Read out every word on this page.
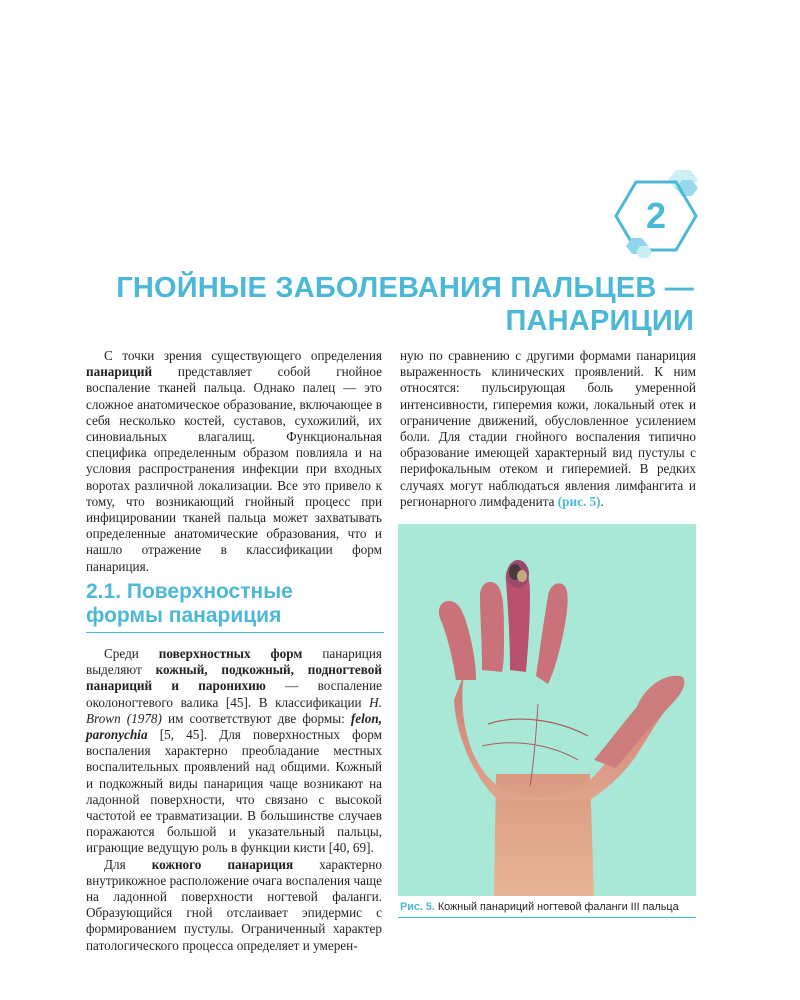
2
ГНОЙНЫЕ ЗАБОЛЕВАНИЯ ПАЛЬЦЕВ —
ПАНАРИЦИИ

С точки зрения существующего определения панариций представляет собой гнойное воспаление тканей пальца. Однако палец — это сложное анатомическое образование, включающее в себя несколько костей, суставов, сухожилий, их синовиальных влагалищ. Функциональная специфика определенным образом повлияла и на условия распространения инфекции при входных воротах различной локализации. Все это привело к тому, что возникающий гнойный процесс при инфицировании тканей пальца может захватывать определенные анатомические образования, что и нашло отражение в классификации форм панариция.

2.1. Поверхностные
формы панариция

Среди поверхностных форм панариция выделяют кожный, подкожный, подногтевой панариций и паронихию — воспаление околоногтевого валика [45]. В классификации H. Brown (1978) им соответствуют две формы: felon, paronychia [5, 45]. Для поверхностных форм воспаления характерно преобладание местных воспалительных проявлений над общими. Кожный и подкожный виды панариция чаще возникают на ладонной поверхности, что связано с высокой частотой ее травматизации. В большинстве случаев поражаются большой и указательный пальцы, играющие ведущую роль в функции кисти [40, 69].

Для кожного панариция характерно внутрикожное расположение очага воспаления чаще на ладонной поверхности ногтевой фаланги. Образующийся гной отслаивает эпидермис с формированием пустулы. Ограниченный характер патологического процесса определяет и умерен-

ную по сравнению с другими формами панариция выраженность клинических проявлений. К ним относятся: пульсирующая боль умеренной интенсивности, гиперемия кожи, локальный отек и ограничение движений, обусловленное усилением боли. Для стадии гнойного воспаления типично образование имеющей характерный вид пустулы с перифокальным отеком и гиперемией. В редких случаях могут наблюдаться явления лимфангита и регионарного лимфаденита (рис. 5).

Рис. 5. Кожный панариций ногтевой фаланги III пальца
